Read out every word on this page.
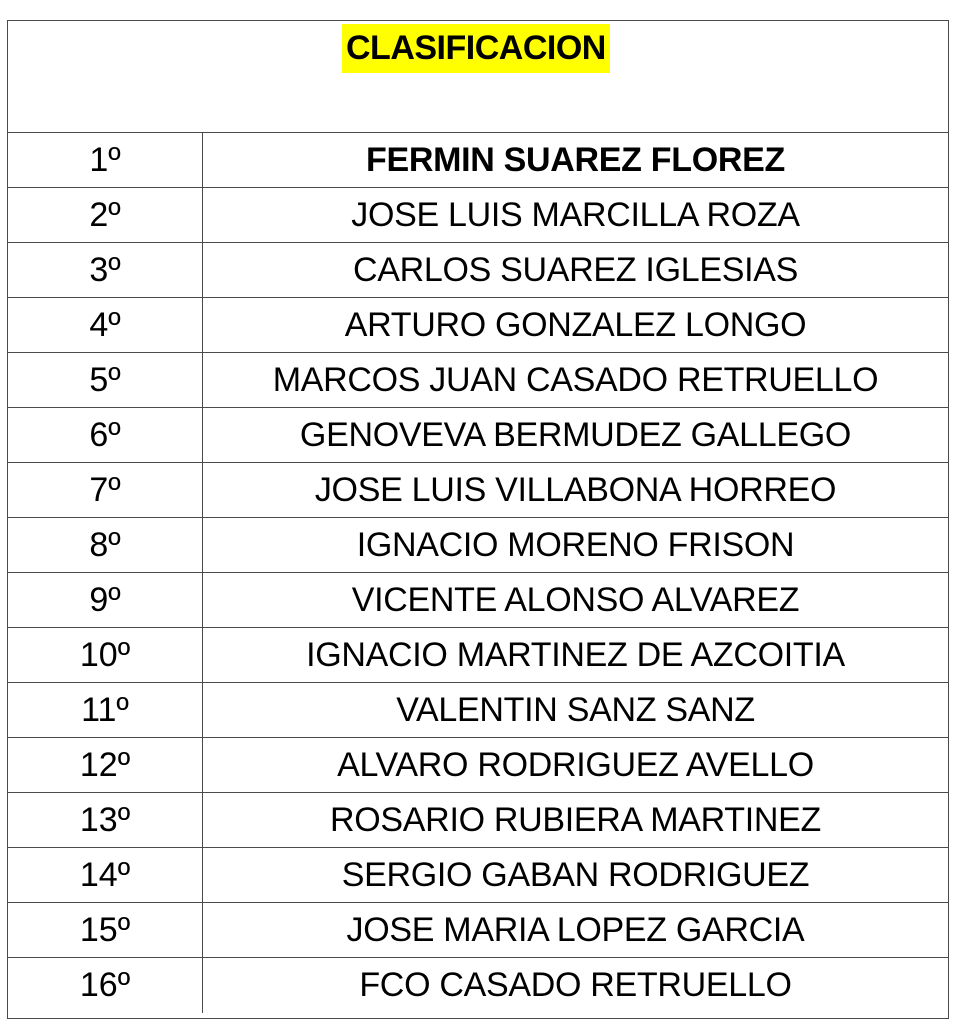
CLASIFICACION
1º	FERMIN SUAREZ FLOREZ
2º	JOSE LUIS MARCILLA ROZA
3º	CARLOS SUAREZ IGLESIAS
4º	ARTURO GONZALEZ LONGO
5º	MARCOS JUAN CASADO RETRUELLO
6º	GENOVEVA BERMUDEZ GALLEGO
7º	JOSE LUIS VILLABONA HORREO
8º	IGNACIO MORENO FRISON
9º	VICENTE ALONSO ALVAREZ
10º	IGNACIO MARTINEZ DE AZCOITIA
11º	VALENTIN SANZ SANZ
12º	ALVARO RODRIGUEZ AVELLO
13º	ROSARIO RUBIERA MARTINEZ
14º	SERGIO GABAN RODRIGUEZ
15º	JOSE MARIA LOPEZ GARCIA
16º	FCO CASADO RETRUELLO
